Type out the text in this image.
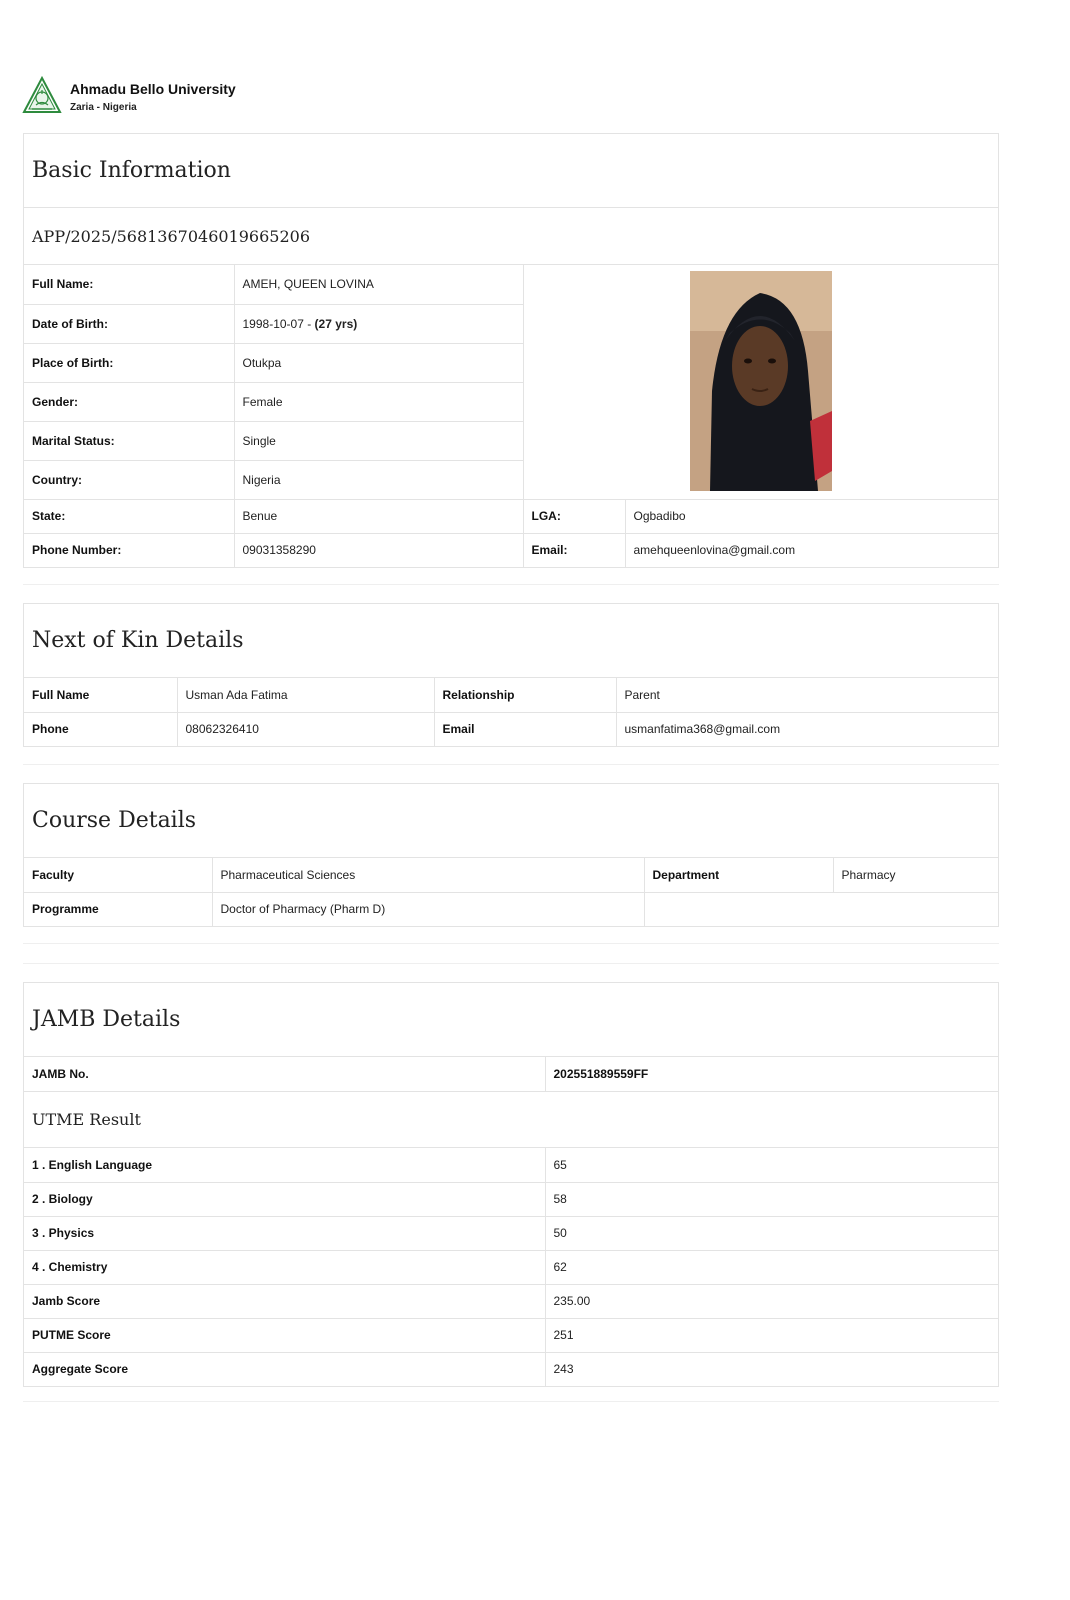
Ahmadu Bello University
Zaria - Nigeria
Basic Information
APP/2025/5681367046019665206
Full Name:	AMEH, QUEEN LOVINA	

Date of Birth:	1998-10-07 - (27 yrs)		
Place of Birth:	Otukpa		
Gender:	Female		
Marital Status:	Single		
Country:	Nigeria		
State:	Benue	LGA:	Ogbadibo
Phone Number:	09031358290	Email:	amehqueenlovina@gmail.com
Next of Kin Details
Full Name	Usman Ada Fatima	Relationship	Parent
Phone	08062326410	Email	usmanfatima368@gmail.com
Course Details
Faculty	Pharmaceutical Sciences	Department	Pharmacy
Programme	Doctor of Pharmacy (Pharm D)		
JAMB Details
JAMB No.	202551889559FF
UTME Result
1 . English Language	65
2 . Biology	58
3 . Physics	50
4 . Chemistry	62
Jamb Score	235.00
PUTME Score	251
Aggregate Score	243
